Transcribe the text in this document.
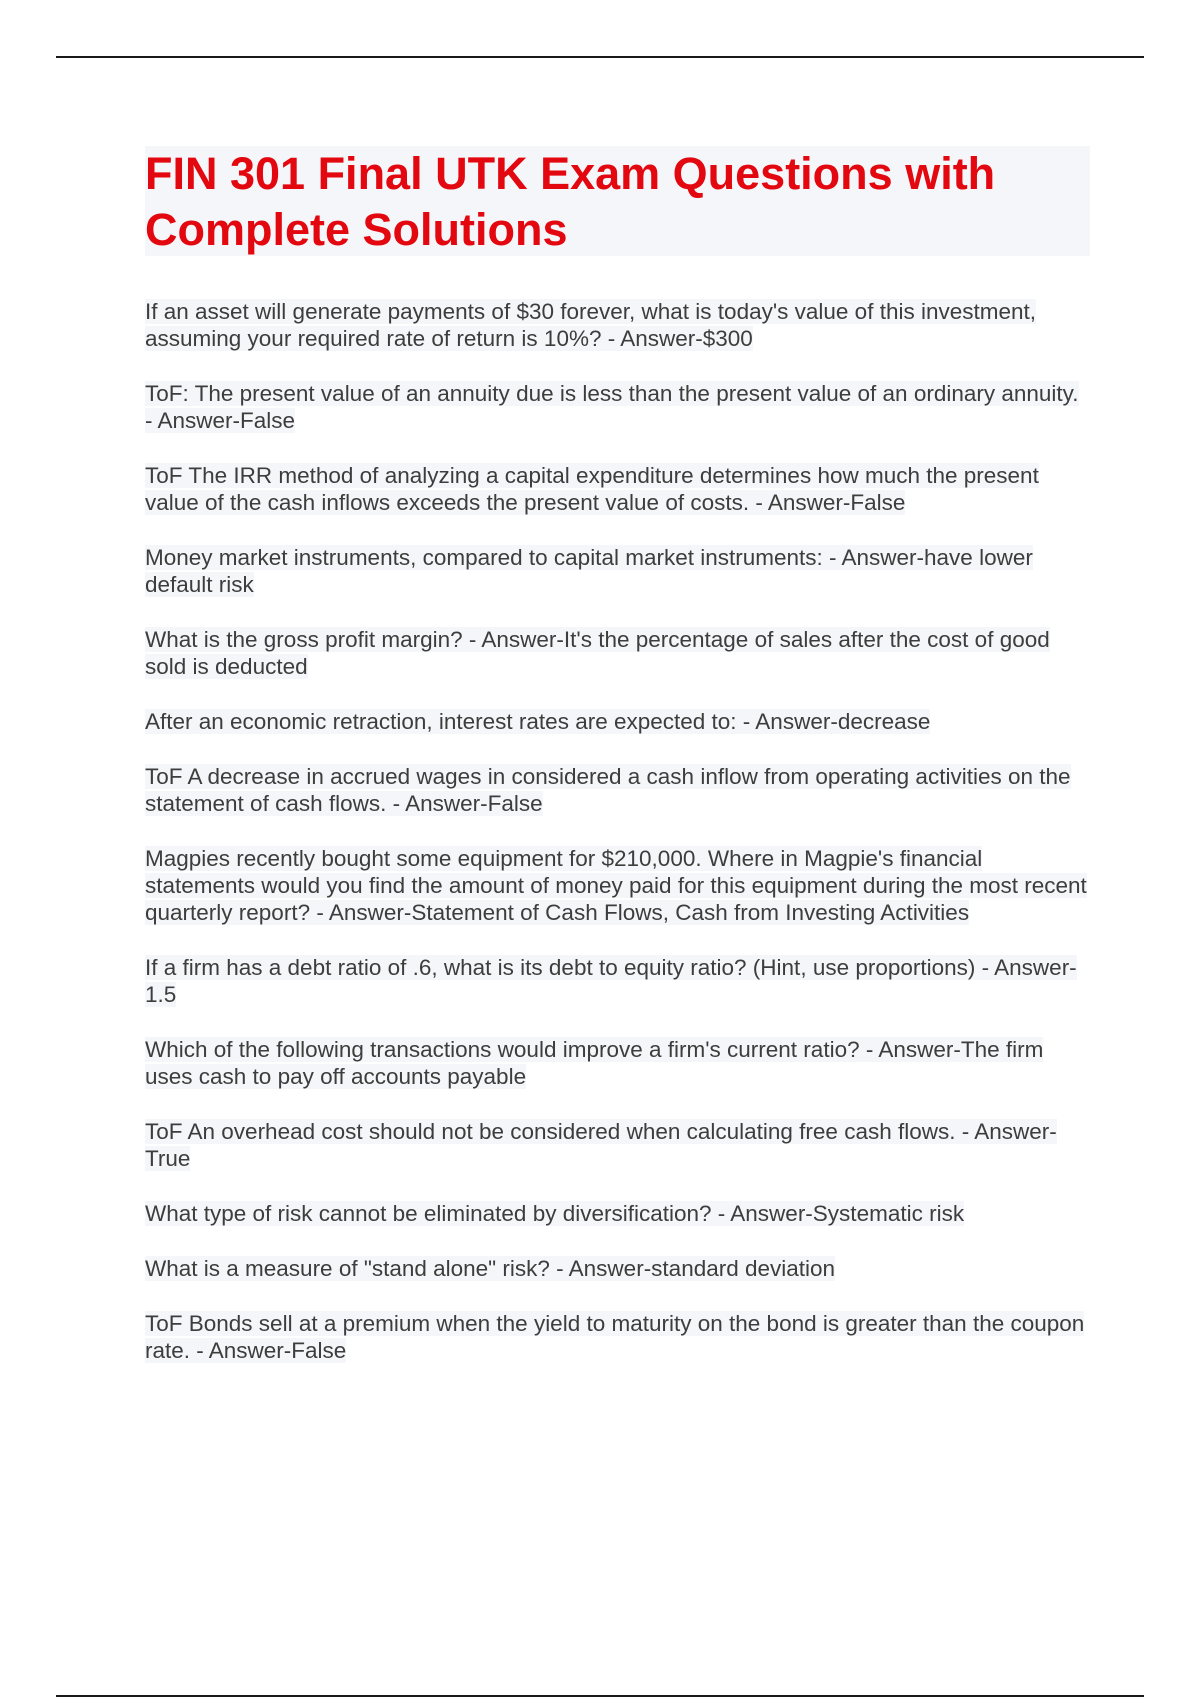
FIN 301 Final UTK Exam Questions with Complete Solutions
If an asset will generate payments of $30 forever, what is today's value of this investment, assuming your required rate of return is 10%? - Answer-$300
ToF: The present value of an annuity due is less than the present value of an ordinary annuity. - Answer-False
ToF The IRR method of analyzing a capital expenditure determines how much the present value of the cash inflows exceeds the present value of costs. - Answer-False
Money market instruments, compared to capital market instruments: - Answer-have lower default risk
What is the gross profit margin? - Answer-It's the percentage of sales after the cost of good sold is deducted
After an economic retraction, interest rates are expected to: - Answer-decrease
ToF A decrease in accrued wages in considered a cash inflow from operating activities on the statement of cash flows. - Answer-False
Magpies recently bought some equipment for $210,000. Where in Magpie's financial statements would you find the amount of money paid for this equipment during the most recent quarterly report? - Answer-Statement of Cash Flows, Cash from Investing Activities
If a firm has a debt ratio of .6, what is its debt to equity ratio? (Hint, use proportions) - Answer-1.5
Which of the following transactions would improve a firm's current ratio? - Answer-The firm uses cash to pay off accounts payable
ToF An overhead cost should not be considered when calculating free cash flows. - Answer-True
What type of risk cannot be eliminated by diversification? - Answer-Systematic risk
What is a measure of "stand alone" risk? - Answer-standard deviation
ToF Bonds sell at a premium when the yield to maturity on the bond is greater than the coupon rate. - Answer-False
